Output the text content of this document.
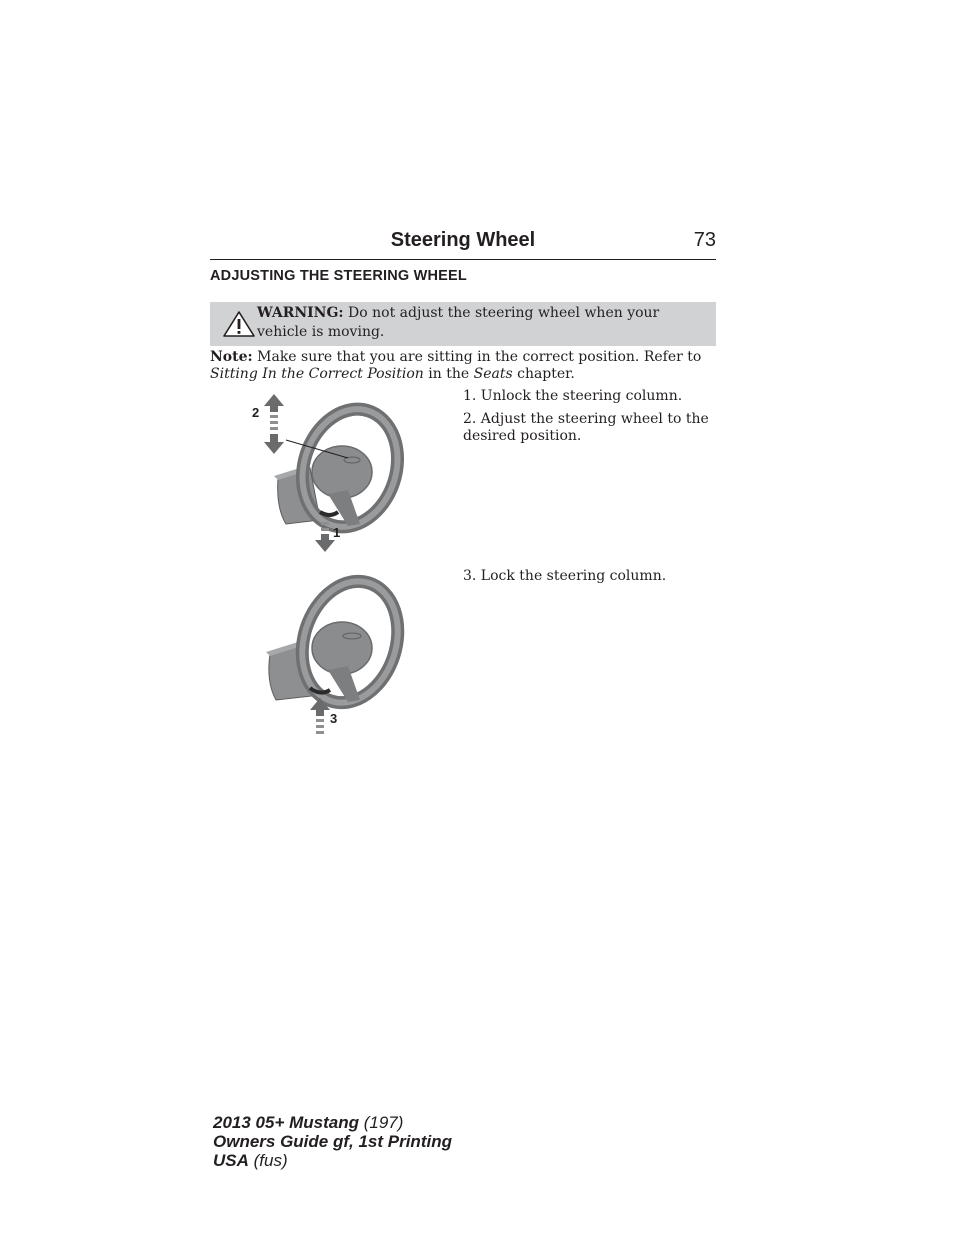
Steering Wheel	73
ADJUSTING THE STEERING WHEEL
WARNING: Do not adjust the steering wheel when your vehicle is moving.
Note: Make sure that you are sitting in the correct position. Refer to Sitting In the Correct Position in the Seats chapter.

1. Unlock the steering column.

2. Adjust the steering wheel to the desired position.

3. Lock the steering column.
2
1
3
2013 05+ Mustang (197)
Owners Guide gf, 1st Printing
USA (fus)
